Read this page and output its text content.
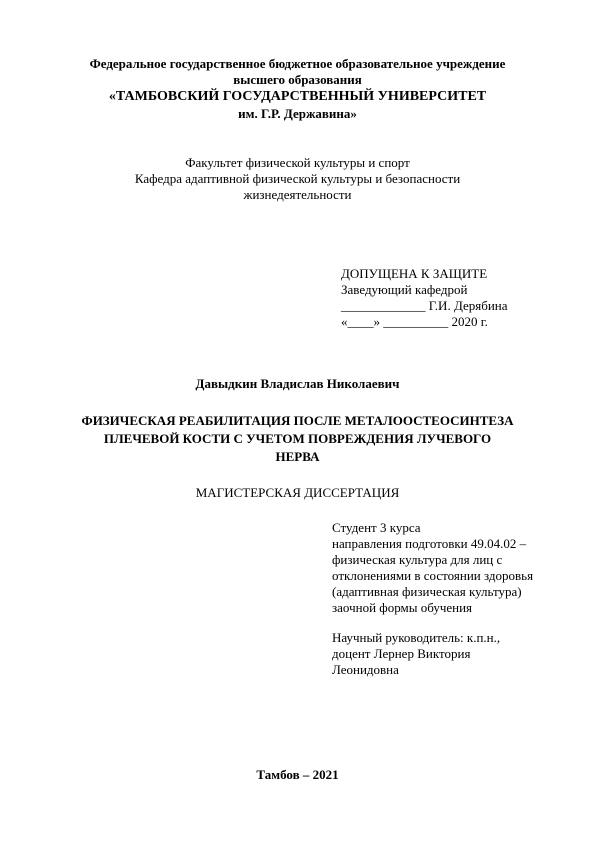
Федеральное государственное бюджетное образовательное учреждение
высшего образования
«ТАМБОВСКИЙ ГОСУДАРСТВЕННЫЙ УНИВЕРСИТЕТ
им. Г.Р. Державина»
Факультет физической культуры и спорт
Кафедра адаптивной физической культуры и безопасности
жизнедеятельности
ДОПУЩЕНА К ЗАЩИТЕ
Заведующий кафедрой
_____________ Г.И. Дерябина
«____» __________ 2020 г.
Давыдкин Владислав Николаевич
ФИЗИЧЕСКАЯ РЕАБИЛИТАЦИЯ ПОСЛЕ МЕТАЛООСТЕОСИНТЕЗА
ПЛЕЧЕВОЙ КОСТИ С УЧЕТОМ ПОВРЕЖДЕНИЯ ЛУЧЕВОГО
НЕРВА
МАГИСТЕРСКАЯ ДИССЕРТАЦИЯ
Студент 3 курса
направления подготовки 49.04.02 –
физическая культура для лиц с
отклонениями в состоянии здоровья
(адаптивная физическая культура)
заочной формы обучения
Научный руководитель: к.п.н.,
доцент Лернер Виктория
Леонидовна
Тамбов – 2021
